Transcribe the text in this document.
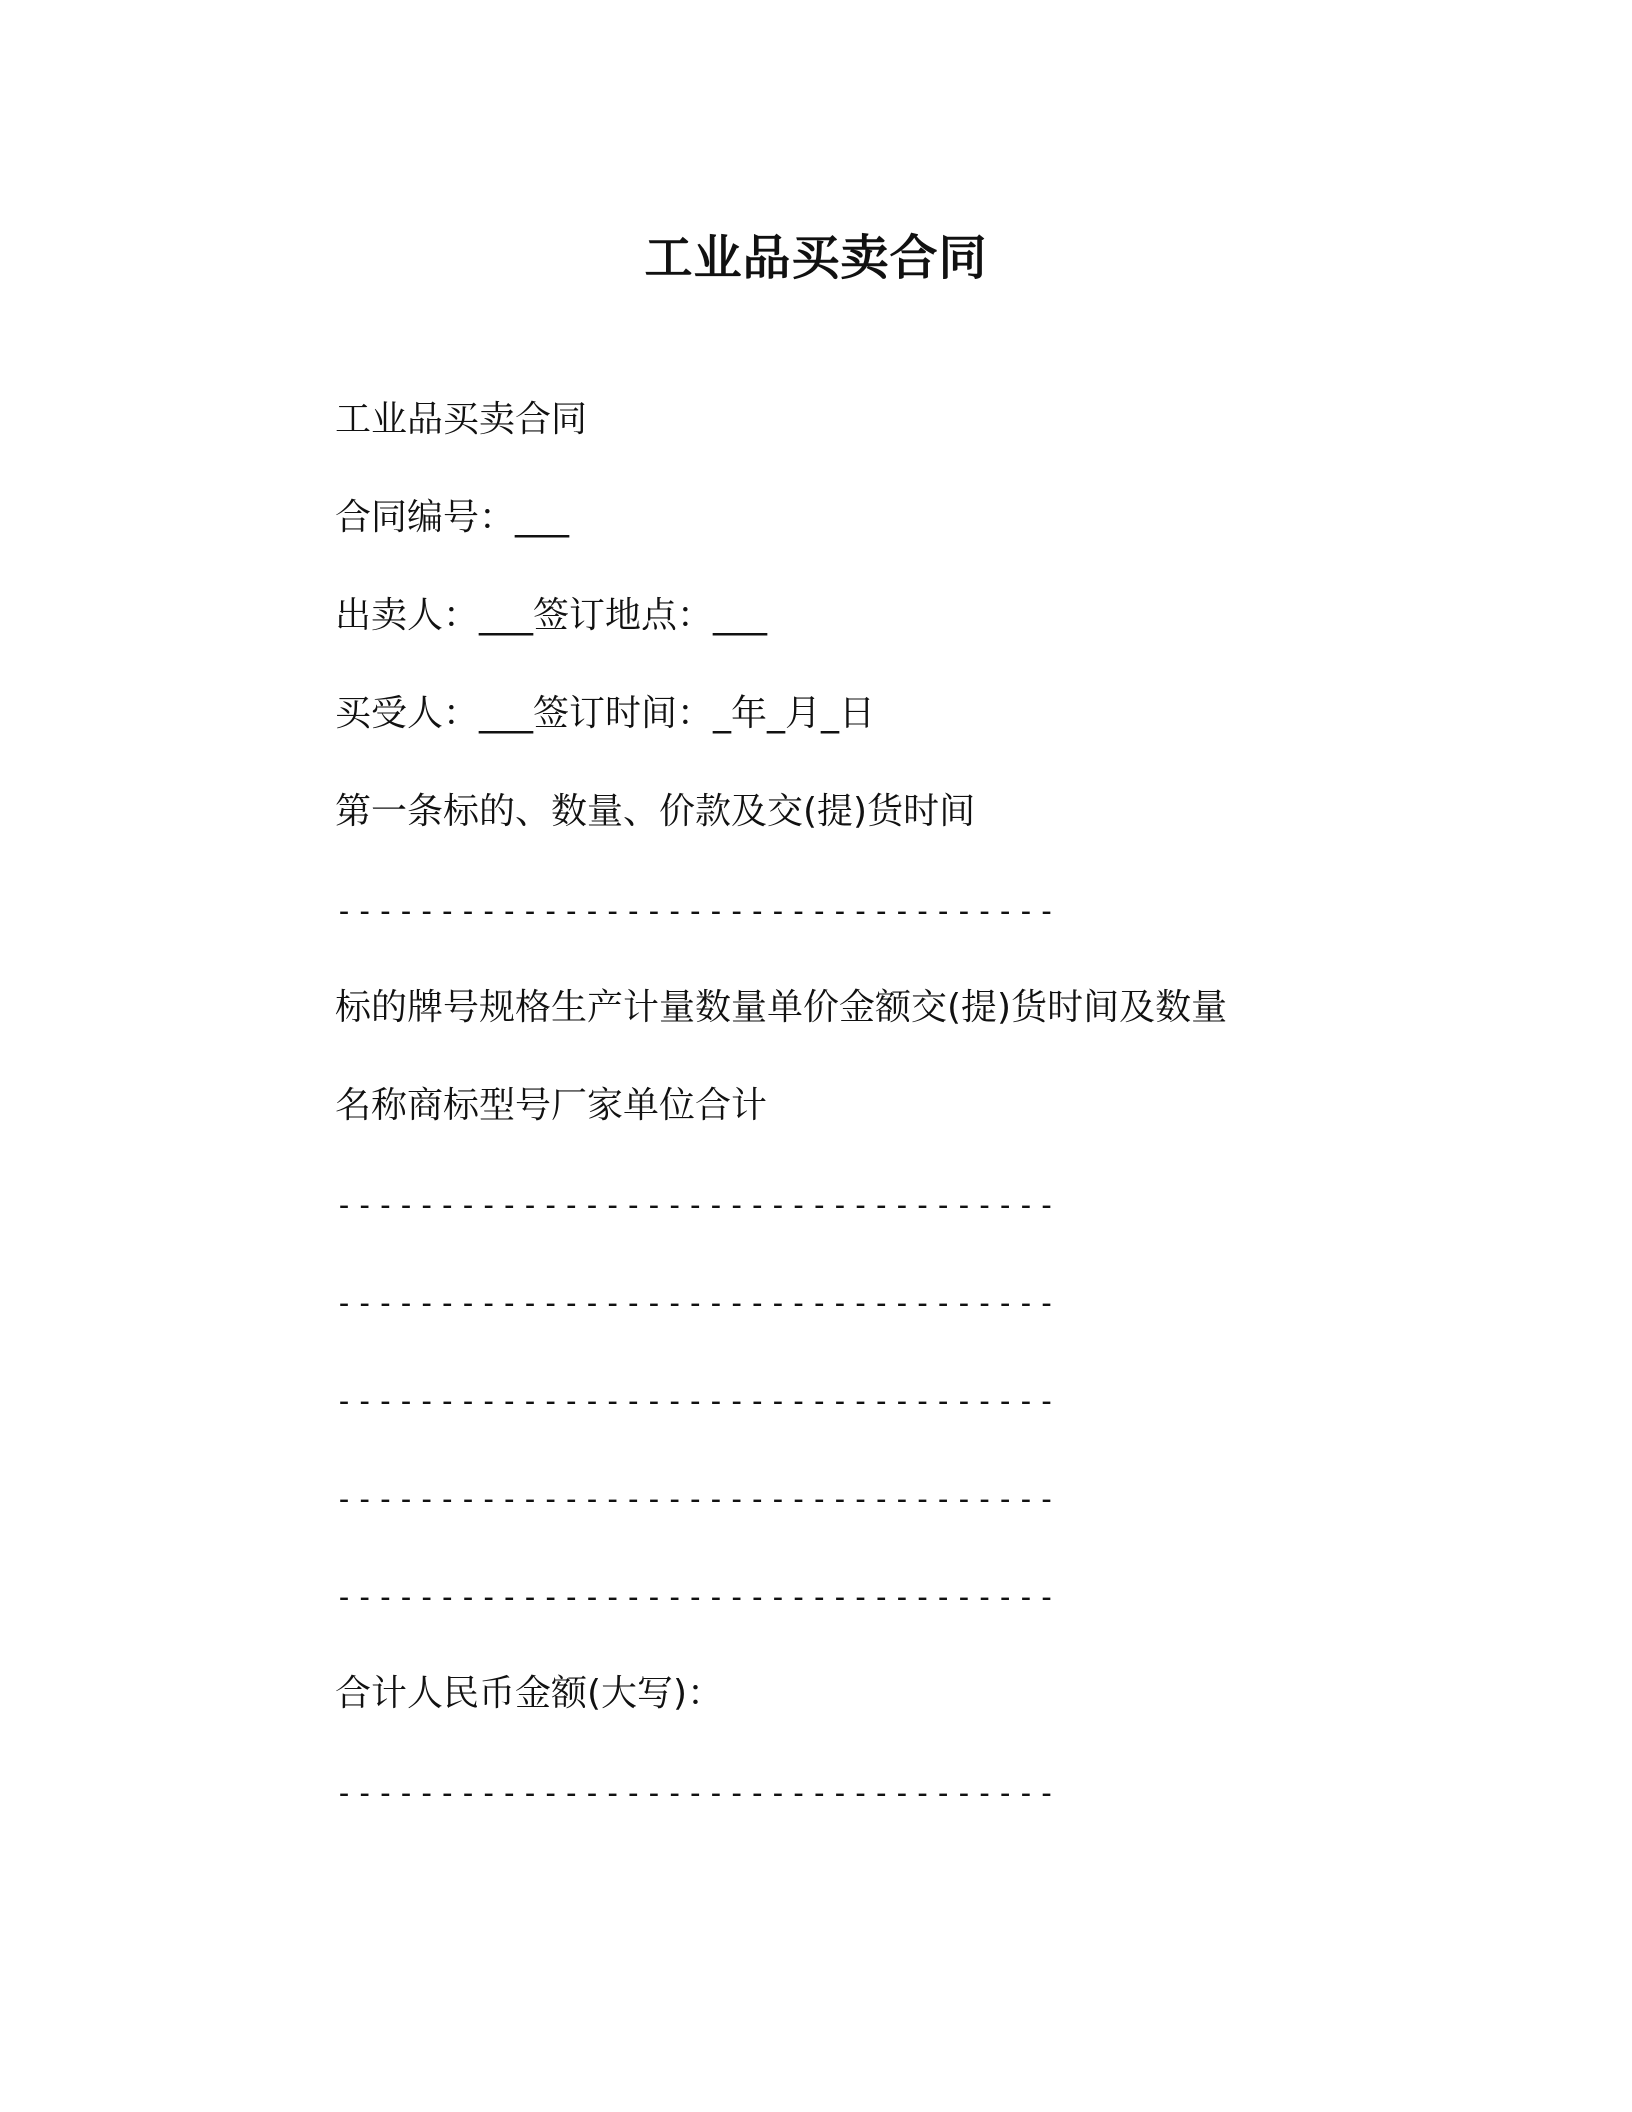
工业品买卖合同
工业品买卖合同
合同编号：___
出卖人：___签订地点：___
买受人：___签订时间：_年_月_日
第一条标的、数量、价款及交(提)货时间
-----------------------------------
标的牌号规格生产计量数量单价金额交(提)货时间及数量
名称商标型号厂家单位合计
-----------------------------------
-----------------------------------
-----------------------------------
-----------------------------------
-----------------------------------
合计人民币金额(大写)：
-----------------------------------
